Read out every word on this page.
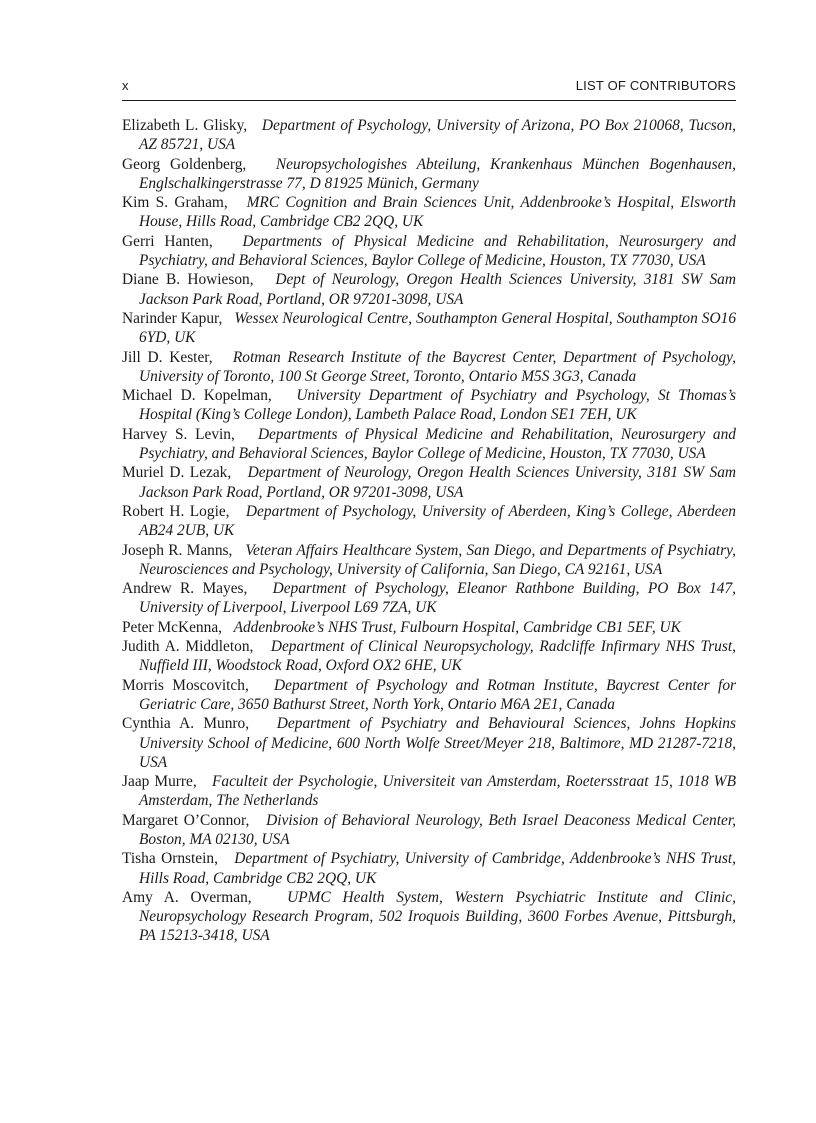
x	LIST OF CONTRIBUTORS
Elizabeth L. Glisky, Department of Psychology, University of Arizona, PO Box 210068, Tucson, AZ 85721, USA
Georg Goldenberg, Neuropsychologishes Abteilung, Krankenhaus München Bogenhausen, Englschalkingerstrasse 77, D 81925 Münich, Germany
Kim S. Graham, MRC Cognition and Brain Sciences Unit, Addenbrooke’s Hospital, Elsworth House, Hills Road, Cambridge CB2 2QQ, UK
Gerri Hanten, Departments of Physical Medicine and Rehabilitation, Neurosurgery and Psychiatry, and Behavioral Sciences, Baylor College of Medicine, Houston, TX 77030, USA
Diane B. Howieson, Dept of Neurology, Oregon Health Sciences University, 3181 SW Sam Jackson Park Road, Portland, OR 97201-3098, USA
Narinder Kapur, Wessex Neurological Centre, Southampton General Hospital, Southampton SO16 6YD, UK
Jill D. Kester, Rotman Research Institute of the Baycrest Center, Department of Psychology, University of Toronto, 100 St George Street, Toronto, Ontario M5S 3G3, Canada
Michael D. Kopelman, University Department of Psychiatry and Psychology, St Thomas’s Hospital (King’s College London), Lambeth Palace Road, London SE1 7EH, UK
Harvey S. Levin, Departments of Physical Medicine and Rehabilitation, Neurosurgery and Psychiatry, and Behavioral Sciences, Baylor College of Medicine, Houston, TX 77030, USA
Muriel D. Lezak, Department of Neurology, Oregon Health Sciences University, 3181 SW Sam Jackson Park Road, Portland, OR 97201-3098, USA
Robert H. Logie, Department of Psychology, University of Aberdeen, King’s College, Aberdeen AB24 2UB, UK
Joseph R. Manns, Veteran Affairs Healthcare System, San Diego, and Departments of Psychiatry, Neurosciences and Psychology, University of California, San Diego, CA 92161, USA
Andrew R. Mayes, Department of Psychology, Eleanor Rathbone Building, PO Box 147, University of Liverpool, Liverpool L69 7ZA, UK
Peter McKenna, Addenbrooke’s NHS Trust, Fulbourn Hospital, Cambridge CB1 5EF, UK
Judith A. Middleton, Department of Clinical Neuropsychology, Radcliffe Infirmary NHS Trust, Nuffield III, Woodstock Road, Oxford OX2 6HE, UK
Morris Moscovitch, Department of Psychology and Rotman Institute, Baycrest Center for Geriatric Care, 3650 Bathurst Street, North York, Ontario M6A 2E1, Canada
Cynthia A. Munro, Department of Psychiatry and Behavioural Sciences, Johns Hopkins University School of Medicine, 600 North Wolfe Street/Meyer 218, Baltimore, MD 21287-7218, USA
Jaap Murre, Faculteit der Psychologie, Universiteit van Amsterdam, Roetersstraat 15, 1018 WB Amsterdam, The Netherlands
Margaret O’Connor, Division of Behavioral Neurology, Beth Israel Deaconess Medical Center, Boston, MA 02130, USA
Tisha Ornstein, Department of Psychiatry, University of Cambridge, Addenbrooke’s NHS Trust, Hills Road, Cambridge CB2 2QQ, UK
Amy A. Overman, UPMC Health System, Western Psychiatric Institute and Clinic, Neuropsychology Research Program, 502 Iroquois Building, 3600 Forbes Avenue, Pittsburgh, PA 15213-3418, USA
